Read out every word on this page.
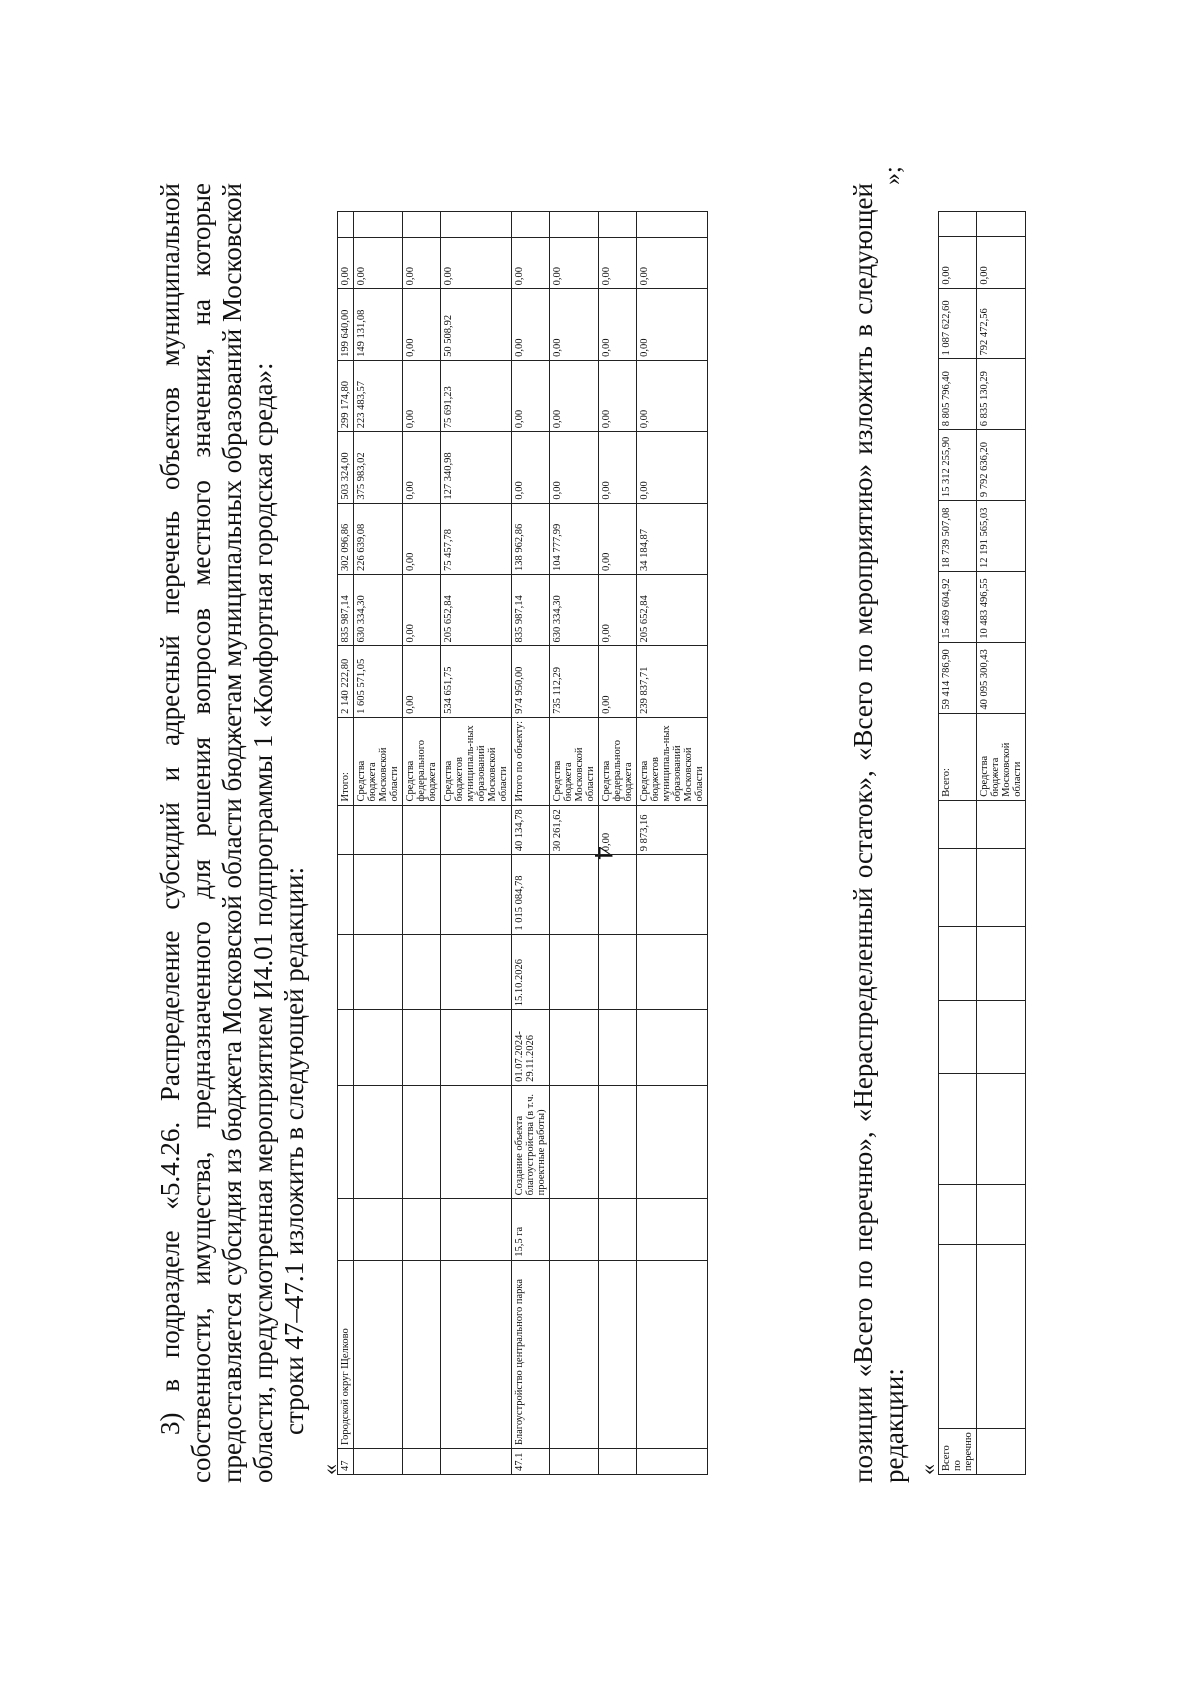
4

3) в подразделе «5.4.26. Распределение субсидий и адресный перечень объектов муниципальной собственности, имущества, предназначенного для решения вопросов местного значения, на которые предоставляется субсидия из бюджета Московской области бюджетам муниципальных образований Московской области, предусмотренная мероприятием И4.01 подпрограммы 1 «Комфортная городская среда»: строки 47–47.1 изложить в следующей редакции:

«
47	Городской округ Щелково							Итого:	2 140 222,80	835 987,14	302 096,86	503 324,00	299 174,80	199 640,00	0,00	
								Средства бюджета Московской области	1 605 571,05	630 334,30	226 639,08	375 983,02	223 483,57	149 131,08	0,00	
								Средства федерального бюджета	0,00	0,00	0,00	0,00	0,00	0,00	0,00	
								Средства бюджетов муниципаль-ных образований Московской области	534 651,75	205 652,84	75 457,78	127 340,98	75 691,23	50 508,92	0,00	
47.1	Благоустройство центрального парка	15,5 га	Создание объекта благоустройства (в т.ч. проектные работы)	01.07.2024-29.11.2026	15.10.2026	1 015 084,78	40 134,78	Итого по объекту:	974 950,00	835 987,14	138 962,86	0,00	0,00	0,00	0,00	
							30 261,62	Средства бюджета Московской области	735 112,29	630 334,30	104 777,99	0,00	0,00	0,00	0,00	
							0,00	Средства федерального бюджета	0,00	0,00	0,00	0,00	0,00	0,00	0,00	
							9 873,16	Средства бюджетов муниципаль-ных образований Московской области	239 837,71	205 652,84	34 184,87	0,00	0,00	0,00	0,00	
»;

позиции «Всего по перечню», «Нераспределенный остаток», «Всего по мероприятию» изложить в следующей редакции: « Всего по перечню								Всего:	59 414 786,90	15 469 604,92	18 739 507,08	15 312 255,90	8 805 796,40	1 087 622,60	0,00	
								Средства бюджета Московской области	40 095 300,43	10 483 496,55	12 191 565,03	9 792 636,20	6 835 130,29	792 472,56	0,00	
